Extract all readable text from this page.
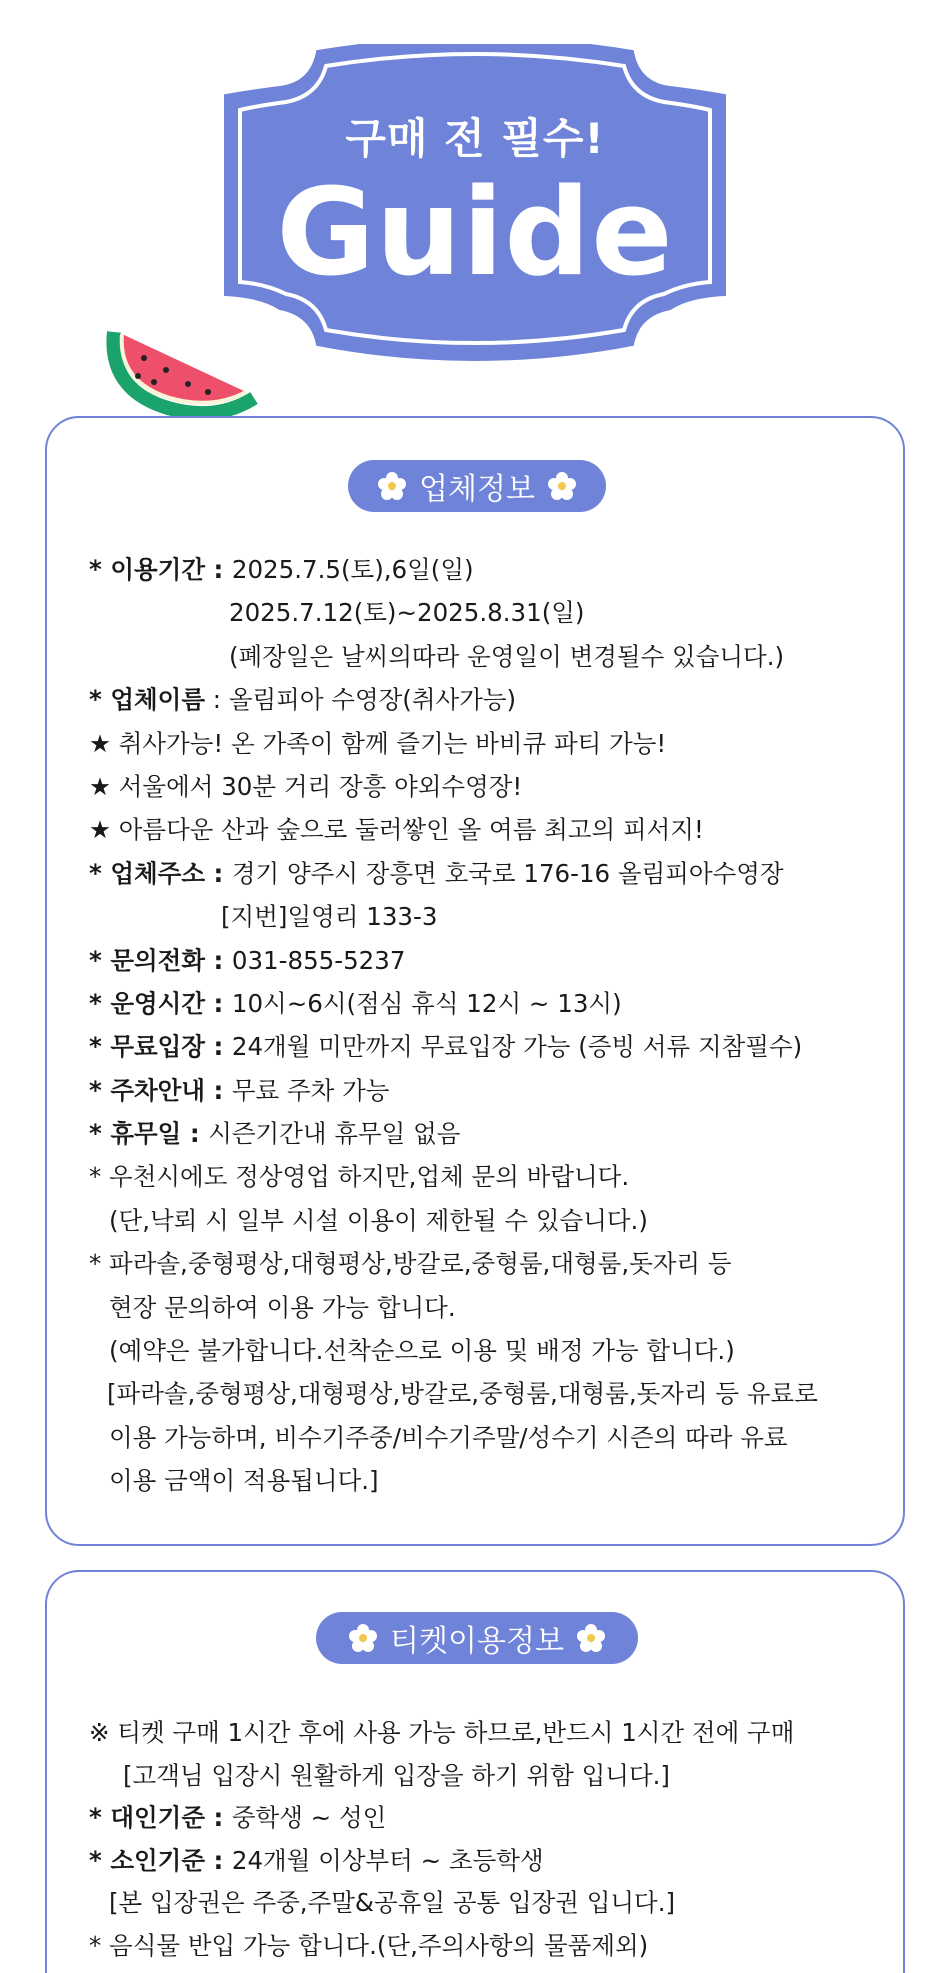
구매 전 필수!
Guide
업체정보
* 이용기간 : 2025.7.5(토),6일(일)
2025.7.12(토)~2025.8.31(일)
(폐장일은 날씨의따라 운영일이 변경될수 있습니다.)
* 업체이름 : 올림피아 수영장(취사가능)
★ 취사가능! 온 가족이 함께 즐기는 바비큐 파티 가능!
★ 서울에서 30분 거리 장흥 야외수영장!
★ 아름다운 산과 숲으로 둘러쌓인 올 여름 최고의 피서지!
* 업체주소 : 경기 양주시 장흥면 호국로 176-16 올림피아수영장
[지번]일영리 133-3
* 문의전화 : 031-855-5237
* 운영시간 : 10시~6시(점심 휴식 12시 ~ 13시)
* 무료입장 : 24개월 미만까지 무료입장 가능 (증빙 서류 지참필수)
* 주차안내 : 무료 주차 가능
* 휴무일 : 시즌기간내 휴무일 없음
* 우천시에도 정상영업 하지만,업체 문의 바랍니다.
(단,낙뢰 시 일부 시설 이용이 제한될 수 있습니다.)
* 파라솔,중형평상,대형평상,방갈로,중형룸,대형룸,돗자리 등
현장 문의하여 이용 가능 합니다.
(예약은 불가합니다.선착순으로 이용 및 배정 가능 합니다.)
[파라솔,중형평상,대형평상,방갈로,중형룸,대형룸,돗자리 등 유료로
이용 가능하며, 비수기주중/비수기주말/성수기 시즌의 따라 유료
이용 금액이 적용됩니다.]
티켓이용정보
※ 티켓 구매 1시간 후에 사용 가능 하므로,반드시 1시간 전에 구매
[고객님 입장시 원활하게 입장을 하기 위함 입니다.]
* 대인기준 : 중학생 ~ 성인
* 소인기준 : 24개월 이상부터 ~ 초등학생
[본 입장권은 주중,주말&공휴일 공통 입장권 입니다.]
* 음식물 반입 가능 합니다.(단,주의사항의 물품제외)
